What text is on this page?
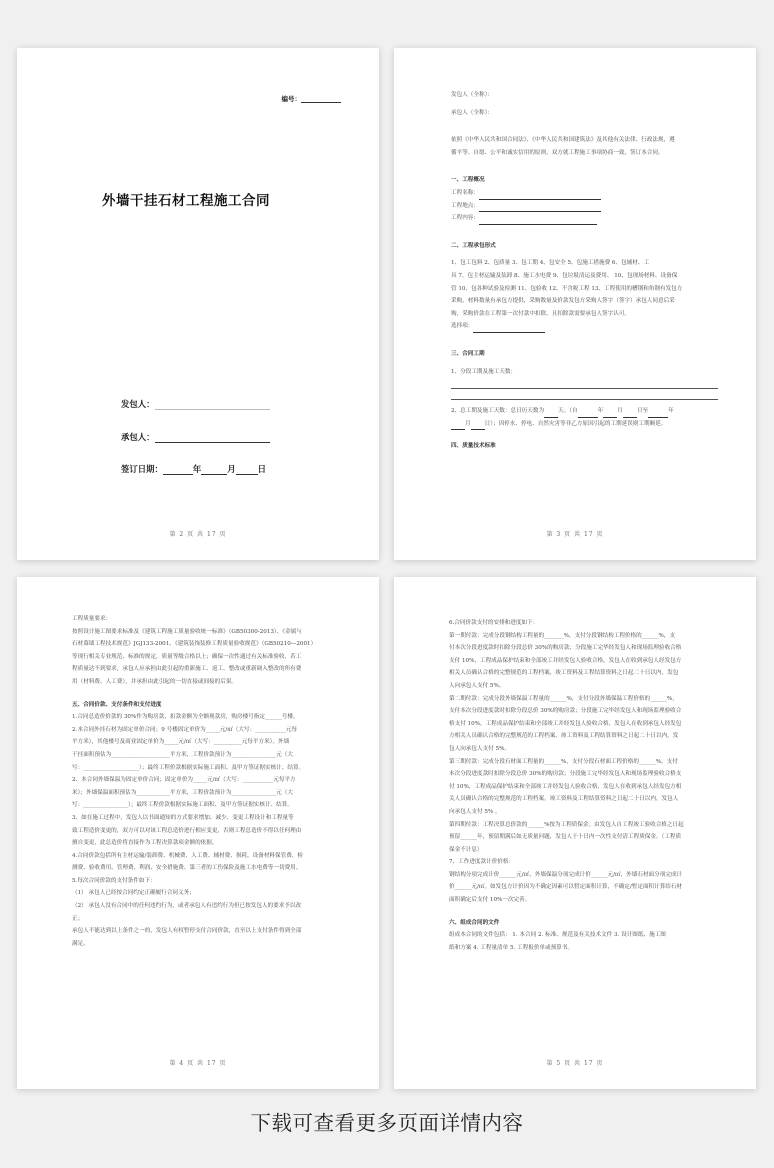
编号：
外墙干挂石材工程施工合同
发包人：
承包人：
签订日期：	年	月	日
第 2 页 共 17 页

发包人（全称）：

承包人（全称）：

依照《中华人民共和国合同法》、《中华人民共和国建筑法》及其他有关法律、行政法规，遵

循平等、自愿、公平和诚实信用的原则，双方就工程施工事项协商一致，签订本合同。

一、工程概况

工程名称：

工程地点：

工程内容：

二、工程承包形式

1、包工包料 2、包质量 3、包工期 4、包安全 5、包施工措施费 6、包辅材、工

具 7、包主材运输及装卸 8、施工水电费 9、包垃圾清运及费用、 10、包现场材料、设备保

管 10、包各种试验及检测 11、包验收 12、不含税工程 13、工程使用的槽钢和角钢有发包方

采购，材料数量有承包方提供，采购数量及价款发包方采购人签字（签字）承包人同意后采

购，采购价款在工程第一次付款中扣除，且扣除款需要承包人签字认可。

选择项：

三、合同工期

1、分段工期及施工天数：

2、总工期及施工天数：总日历天数为	天。（自	年	月	日至	年

月	日）；因停水、停电、自然灾害等非乙方原因引起的工期延误则工期顺延。

四、质量技术标准

第 3 页 共 17 页

工程质量要求：

按照设计施工图要求标准及《建筑工程施工质量验收统一标准》（GB50300-2013）、《金属与

石材幕墙工程技术规范》JGJ133-2001、《建筑装饰装修工程质量验收规范》（GB50210—2001）

等现行相关专业规范、标准的规定，质量等级合格以上；确保一次性通过有关标准验收，若工

程质量达不到要求，承包人应承担由此引起的重新施工、返工、整改或重新调入整改的所有费

用（材料费、人工费），并承担由此引起的一切直接或间接的后果。

五、合同价款、支付条件和支付进度

1.合同总造价价款的 30%作为购房款，扣款金额为全额现款房，购房楼号指定______号楼。

2.本合同外挂石材为固定单价合同；9 号楼固定单价为_____元/㎡（大写：___________元每

平方米），其他楼号及商业固定单价为_____元/㎡（大写：__________元每平方米）。外墙

干挂面积预估为_____________________平方米，工程价款预计为________________元（大

写：____________________）；最终工程价款根据实际施工面积、及甲方签证据实核计、结算。

2、本合同外墙保温为固定单价合同；固定单价为_____元/㎡（大写：___________元每平方

米）；外墙保温面积预估为____________平方米，工程价款预计为________________元（大

写：________________）；最终工程价款根据实际施工面积、及甲方签证据实核计、结算。

3、如在施工过程中，发包人以书面通知的方式要求增加、减少、变更工程设计和工程量等

致工程造价变更的，双方可以对该工程总造价进行相应变更，否则工程总造价不得以任何理由

擅自变更，此总造价将直接作为工程决算款项金额的依据。

4.合同价款包括所有主材运输/装卸费、机械费、人工费、辅材费、损耗、设备材料保管费、检

测费、验收费用、管理费、利润、安全措施费、第三者的工伤保险及施工水电费等一切费用。

5.每次合同价款的支付条件如下：

（1） 承包人已经按合同约定正确履行合同义务；

（2） 承包人没有合同中的任何违约行为，或者承包人有违约行为但已按发包人的要求予以改

正；

承包人不能达到以上条件之一的，发包人有权暂停支付合同价款，直至以上支付条件得到全部

满足。

第 4 页 共 17 页

6.合同价款支付的安排和进度如下：

第一期付款：完成分段钢结构工程量的_______%，支付分段钢结构工程价格的______%，支

付本次分段进度款时扣除分段总价 30%的购房款；分段施工完毕经发包人和现场监理验收合格

支付 10%，工程成品保护结束和全部竣工并经发包人验收合格，发包人在收到承包人经发包方

相关人员确认合格的完整规范的工程档案，竣工资料及工程结算资料之日起二十日以内，发包

人向承包人支付 5%。

第二期付款：完成分段外墙保温工程量的______%，支付分段外墙保温工程价格的______%，

支付本次分段进度款时扣除分段总价 30%的购房款；分段施工完毕经发包人和现场监理验收合

格支付 10%，工程成品保护结束和全部竣工并经发包人验收合格，发包人在收到承包人经发包

方相关人员确认合格的完整规范的工程档案、竣工资料及工程结算资料之日起二十日以内，发

包人向承包人支付 5%。

第三期付款：完成分段石材面工程量的______%，支付分段石材面工程价格的______%，支付

本次分段进度款时扣除分段总价 30%的购房款；分段施工完毕经发包人和现场监理验收合格支

付 10%，工程成品保护结束和全部竣工并经发包人验收合格，发包人在收到承包人经发包方相

关人员确认合格的完整规范的工程档案，竣工资料及工程结算资料之日起二十日以内，发包人

向承包人支付 5% 。

第四期付款：工程决算总价款的______%按为工程质保金。由发包人自工程竣工验收合格之日起

预留______年，预留期满后如无质量问题，发包人于十日内一次性支付清工程质保金。（工程质

保金不计息）

7、工作进度款计价价格：

钢结构分项完成计价______元/㎡，外墙保温分项完成计价______元/㎡，外墙石材面分项完成计

价______元/㎡。如发包方计价因为不确定因素可以暂定面积计算，不确定/暂定面积计算给石材

面积确定后支付 10%一次完善。

六、组成合同的文件

组成本合同的文件包括： 1. 本合同 2. 标准、规范及有关技术文件 3. 设计图纸、施工图

纸和方案 4. 工程量清单 5. 工程报价单或预算书。

第 5 页 共 17 页
下载可查看更多页面详情内容
